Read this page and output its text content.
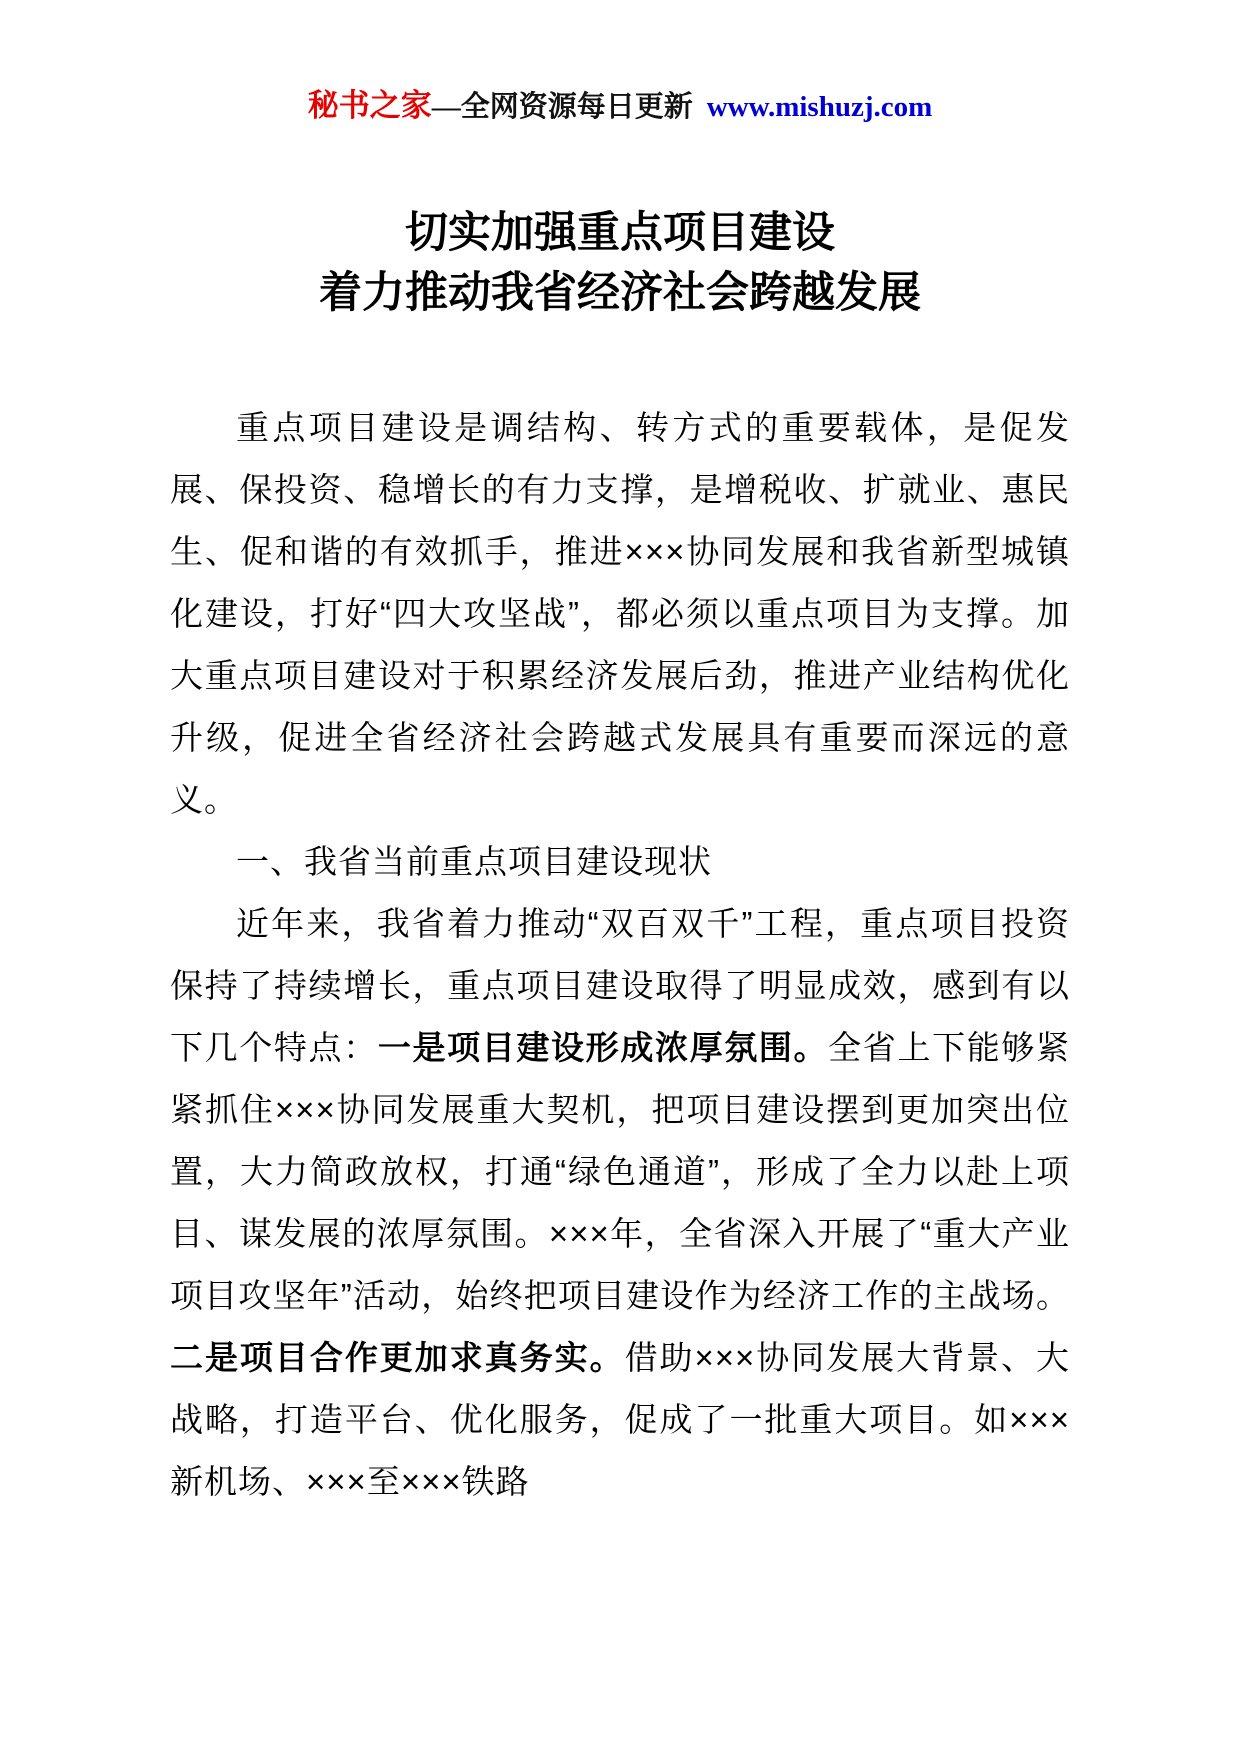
秘书之家—全网资源每日更新 www.mishuzj.com
切实加强重点项目建设
着力推动我省经济社会跨越发展

重点项目建设是调结构、转方式的重要载体，是促发展、保投资、稳增长的有力支撑，是增税收、扩就业、惠民生、促和谐的有效抓手，推进×××协同发展和我省新型城镇化建设，打好“四大攻坚战”，都必须以重点项目为支撑。加大重点项目建设对于积累经济发展后劲，推进产业结构优化升级，促进全省经济社会跨越式发展具有重要而深远的意义。

一、我省当前重点项目建设现状

近年来，我省着力推动“双百双千”工程，重点项目投资保持了持续增长，重点项目建设取得了明显成效，感到有以下几个特点：一是项目建设形成浓厚氛围。全省上下能够紧紧抓住×××协同发展重大契机，把项目建设摆到更加突出位置，大力简政放权，打通“绿色通道”，形成了全力以赴上项目、谋发展的浓厚氛围。×××年，全省深入开展了“重大产业项目攻坚年”活动，始终把项目建设作为经济工作的主战场。二是项目合作更加求真务实。借助×××协同发展大背景、大战略，打造平台、优化服务，促成了一批重大项目。如×××新机场、×××至×××铁路
